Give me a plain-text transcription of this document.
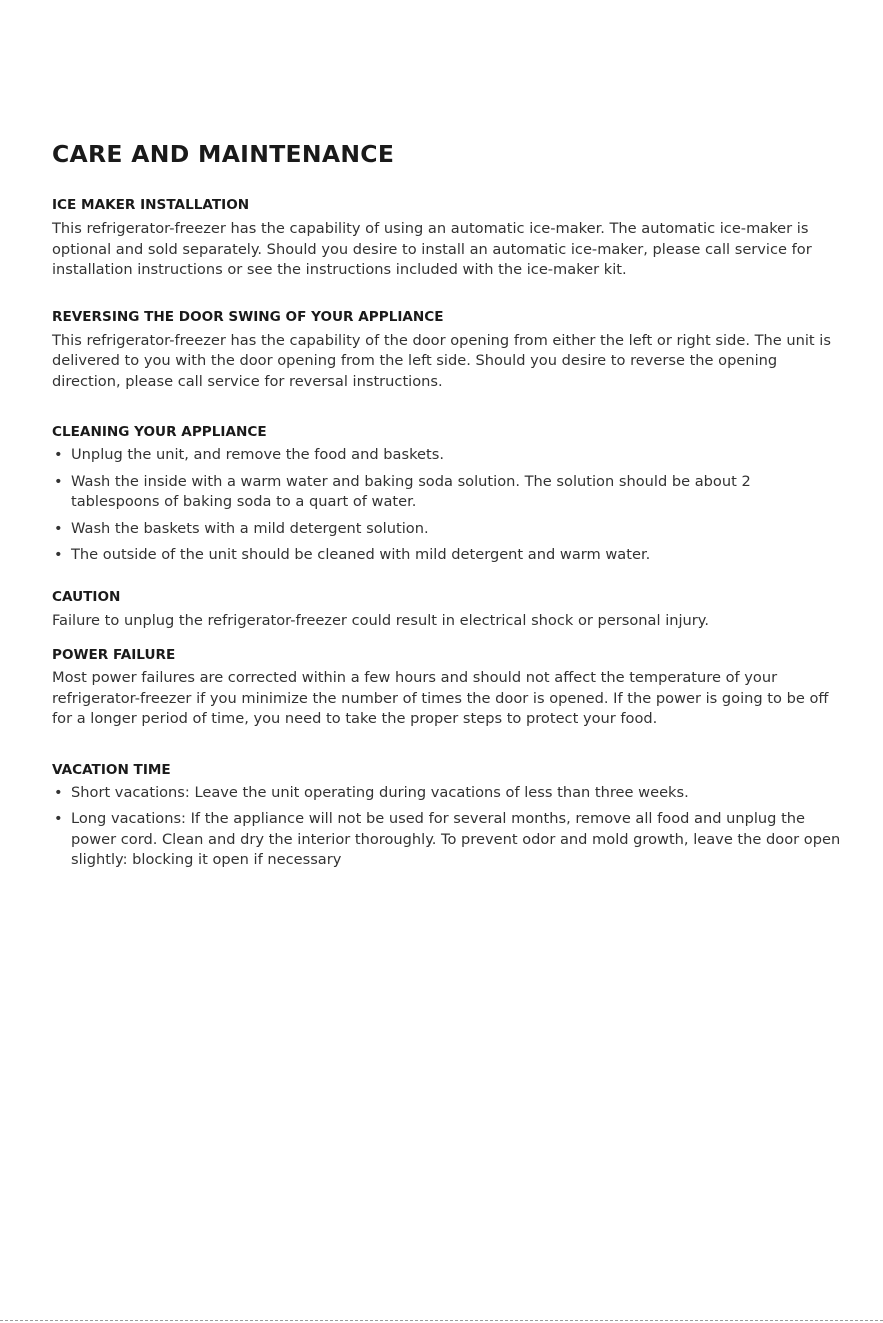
CARE AND MAINTENANCE
ICE MAKER INSTALLATION

This refrigerator-freezer has the capability of using an automatic ice-maker. The automatic ice-maker is optional and sold separately. Should you desire to install an automatic ice-maker, please call service for installation instructions or see the instructions included with the ice-maker kit.

REVERSING THE DOOR SWING OF YOUR APPLIANCE

This refrigerator-freezer has the capability of the door opening from either the left or right side. The unit is delivered to you with the door opening from the left side. Should you desire to reverse the opening direction, please call service for reversal instructions.

CLEANING YOUR APPLIANCE
• Unplug the unit, and remove the food and baskets.
• Wash the inside with a warm water and baking soda solution. The solution should be about 2 tablespoons of baking soda to a quart of water.
• Wash the baskets with a mild detergent solution.
• The outside of the unit should be cleaned with mild detergent and warm water.
CAUTION

Failure to unplug the refrigerator-freezer could result in electrical shock or personal injury.

POWER FAILURE

Most power failures are corrected within a few hours and should not affect the temperature of your refrigerator-freezer if you minimize the number of times the door is opened. If the power is going to be off for a longer period of time, you need to take the proper steps to protect your food.

VACATION TIME
• Short vacations: Leave the unit operating during vacations of less than three weeks.
• Long vacations: If the appliance will not be used for several months, remove all food and unplug the power cord. Clean and dry the interior thoroughly. To prevent odor and mold growth, leave the door open slightly: blocking it open if necessary
